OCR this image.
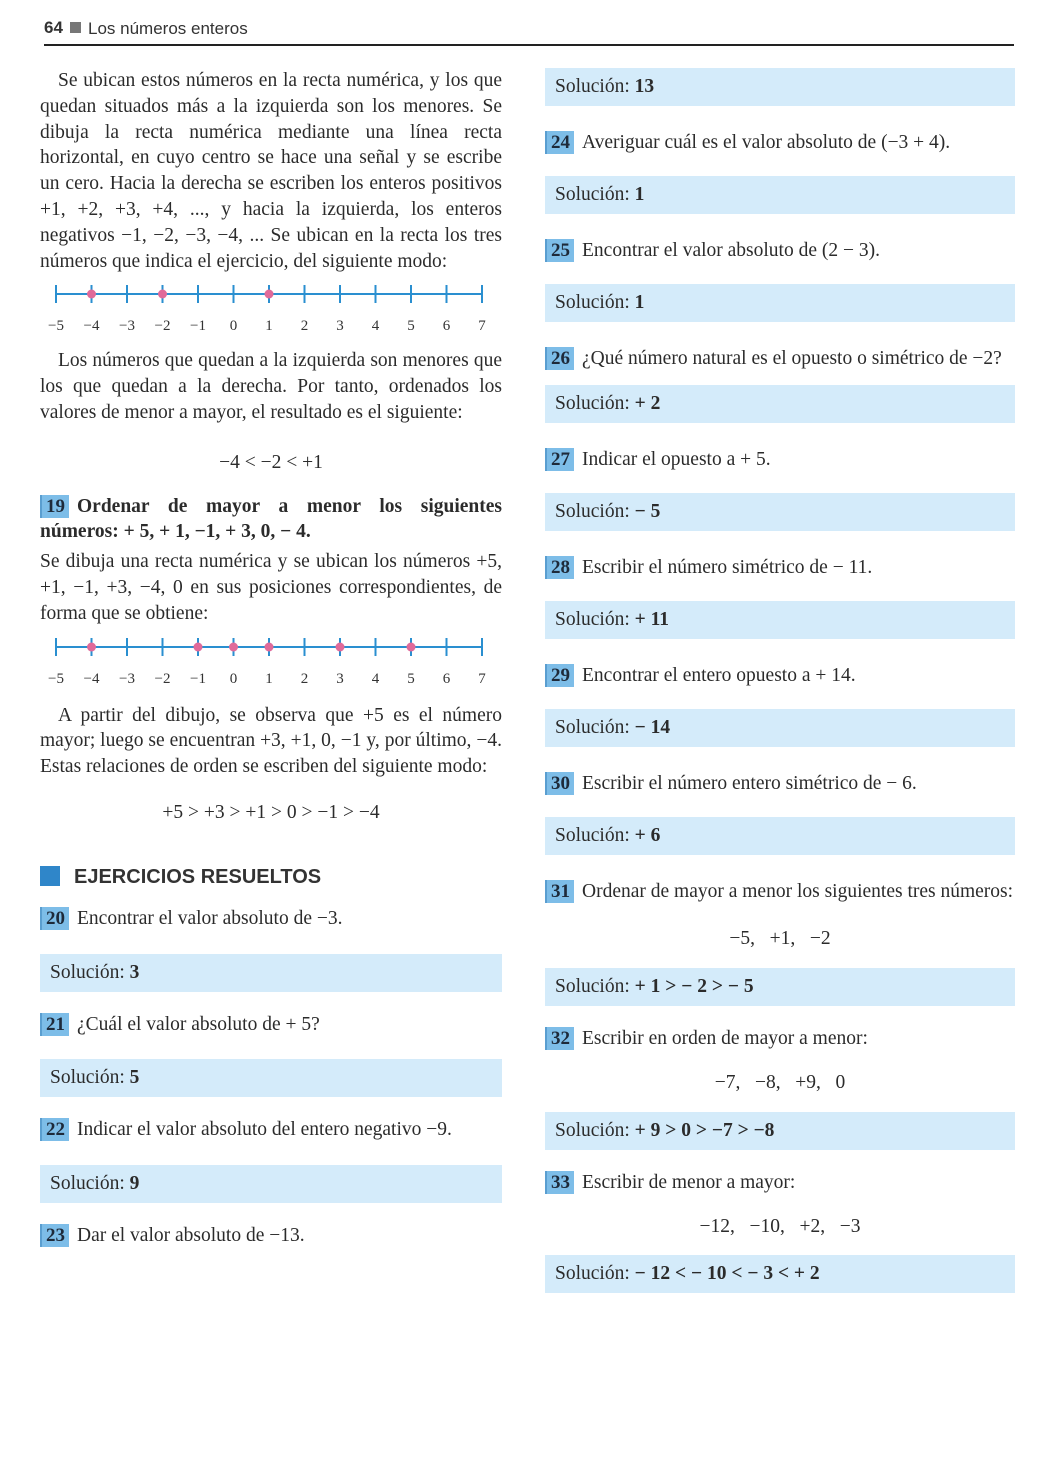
64 Los números enteros

Se ubican estos números en la recta numérica, y los que quedan situados más a la izquierda son los menores. Se dibuja la recta numérica mediante una línea recta horizontal, en cuyo centro se hace una señal y se escribe un cero. Hacia la derecha se escriben los enteros positivos +1, +2, +3, +4, ..., y hacia la izquierda, los enteros negativos −1, −2, −3, −4, ... Se ubican en la recta los tres números que indica el ejercicio, del siguiente modo:

−5 −4 −3 −2 −1 0 1 2 3 4 5 6 7

Los números que quedan a la izquierda son menores que los que quedan a la derecha. Por tanto, ordenados los valores de menor a mayor, el resultado es el siguiente:

−4 < −2 < +1

19 Ordenar de mayor a menor los siguientes números: + 5, + 1, −1, + 3, 0, − 4.

Se dibuja una recta numérica y se ubican los números +5, +1, −1, +3, −4, 0 en sus posiciones correspondientes, de forma que se obtiene:

−5 −4 −3 −2 −1 0 1 2 3 4 5 6 7

A partir del dibujo, se observa que +5 es el número mayor; luego se encuentran +3, +1, 0, −1 y, por último, −4. Estas relaciones de orden se escriben del siguiente modo:

+5 > +3 > +1 > 0 > −1 > −4

EJERCICIOS RESUELTOS

20 Encontrar el valor absoluto de −3.

Solución: 3

21 ¿Cuál el valor absoluto de + 5?

Solución: 5

22 Indicar el valor absoluto del entero negativo −9.

Solución: 9

23 Dar el valor absoluto de −13.

Solución: 13

24 Averiguar cuál es el valor absoluto de (−3 + 4).

Solución: 1

25 Encontrar el valor absoluto de (2 − 3).

Solución: 1

26 ¿Qué número natural es el opuesto o simétrico de −2?

Solución: + 2

27 Indicar el opuesto a + 5.

Solución: − 5

28 Escribir el número simétrico de − 11.

Solución: + 11

29 Encontrar el entero opuesto a + 14.

Solución: − 14

30 Escribir el número entero simétrico de − 6.

Solución: + 6

31 Ordenar de mayor a menor los siguientes tres números:

−5,   +1,   −2

Solución: + 1 > − 2 > − 5

32 Escribir en orden de mayor a menor:

−7,   −8,   +9,   0

Solución: + 9 > 0 > −7 > −8

33 Escribir de menor a mayor:

−12,   −10,   +2,   −3

Solución: − 12 < − 10 < − 3 < + 2
